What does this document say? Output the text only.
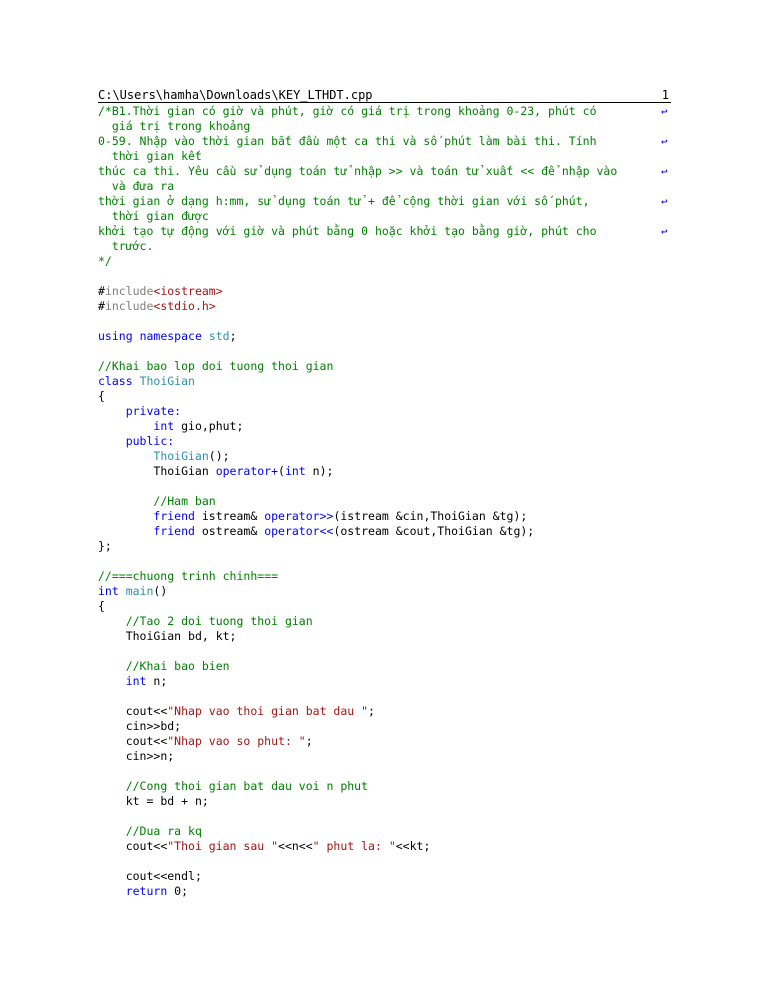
C:\Users\hamha\Downloads\KEY_LTHDT.cpp	1
/*B1.Thời gian có giờ và phút, giờ có giá trị trong khoảng 0-23, phút có	↩
giá trị trong khoảng
0-59. Nhập vào thời gian bắt đầu một ca thi và số phút làm bài thi. Tính	↩
thời gian kết
thúc ca thi. Yêu cầu sử dụng toán tử nhập >> và toán tử xuất << để nhập vào	↩
và đưa ra
thời gian ở dạng h:mm, sử dụng toán tử + để cộng thời gian với số phút,	↩
thời gian được
khởi tạo tự động với giờ và phút bằng 0 hoặc khởi tạo bằng giờ, phút cho	↩
trước.
*/
#include<iostream>
#include<stdio.h>
using namespace std;
//Khai bao lop doi tuong thoi gian
class ThoiGian
{
private:
int gio,phut;
public:
ThoiGian();
ThoiGian operator+(int n);
//Ham ban
friend istream& operator>>(istream &cin,ThoiGian &tg);
friend ostream& operator<<(ostream &cout,ThoiGian &tg);
};
//===chuong trinh chinh===
int main()
{
//Tao 2 doi tuong thoi gian
ThoiGian bd, kt;
//Khai bao bien
int n;
cout<<"Nhap vao thoi gian bat dau ";
cin>>bd;
cout<<"Nhap vao so phut: ";
cin>>n;
//Cong thoi gian bat dau voi n phut
kt = bd + n;
//Dua ra kq
cout<<"Thoi gian sau "<<n<<" phut la: "<<kt;
cout<<endl;
return 0;
